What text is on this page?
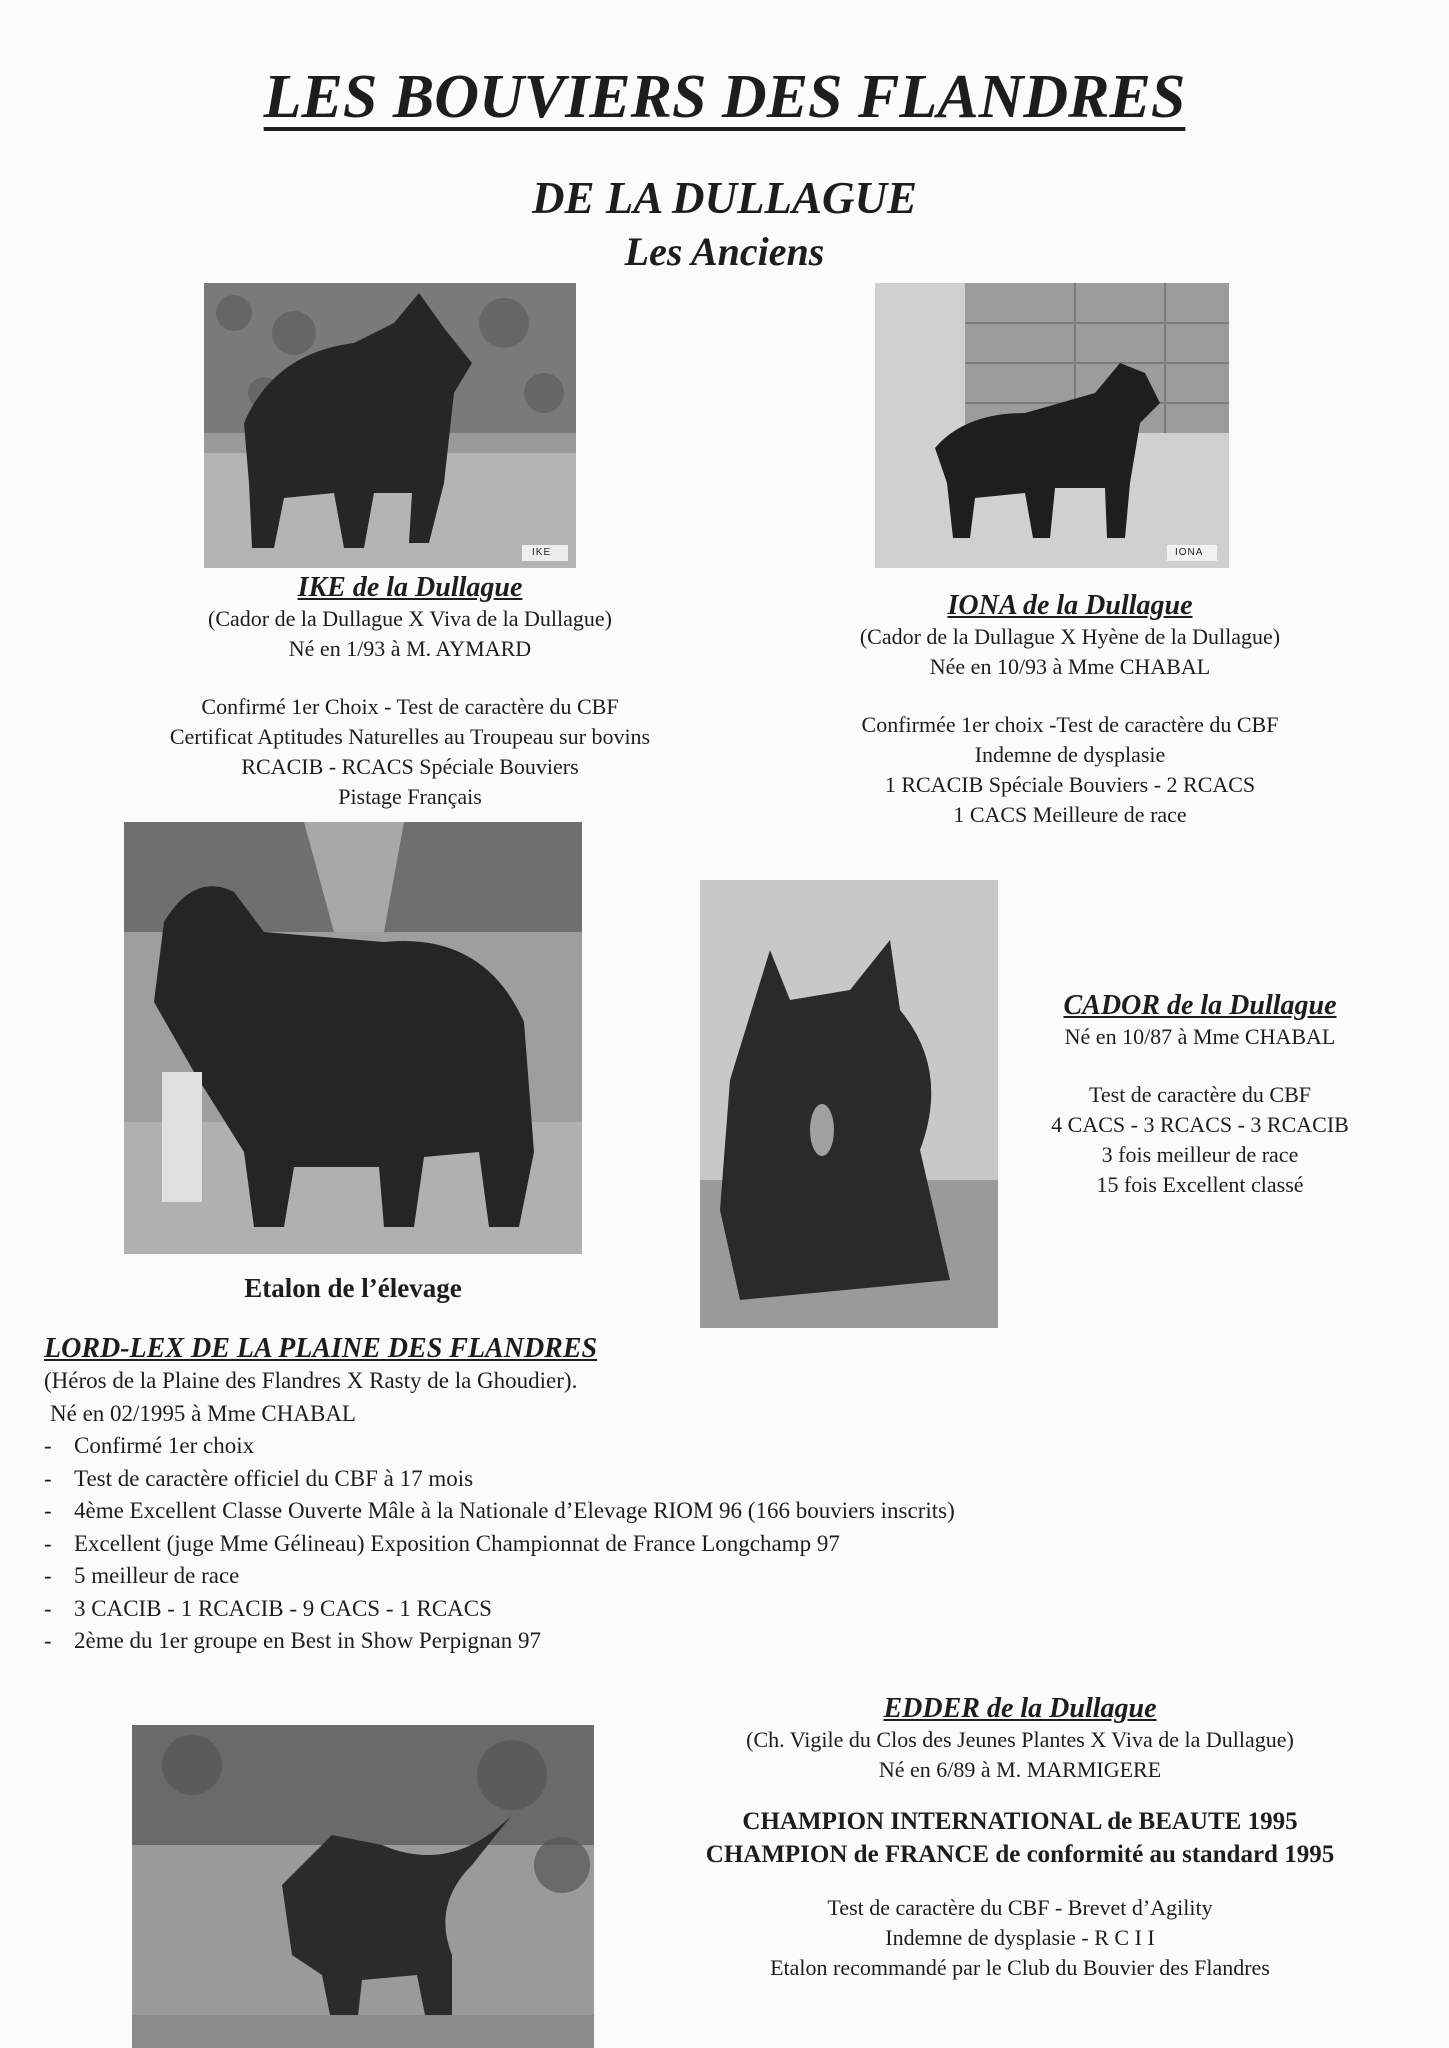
LES BOUVIERS DES FLANDRES
DE LA DULLAGUE
Les Anciens
IKE	IONA
IKE de la Dullague
(Cador de la Dullague X Viva de la Dullague)
Né en 1/93 à M. AYMARD
Confirmé 1er Choix - Test de caractère du CBF
Certificat Aptitudes Naturelles au Troupeau sur bovins
RCACIB - RCACS Spéciale Bouviers
Pistage Français
IONA de la Dullague
(Cador de la Dullague X Hyène de la Dullague)
Née en 10/93 à Mme CHABAL
Confirmée 1er choix -Test de caractère du CBF
Indemne de dysplasie
1 RCACIB Spéciale Bouviers - 2 RCACS
1 CACS Meilleure de race
Etalon de l’élevage
CADOR de la Dullague
Né en 10/87 à Mme CHABAL
Test de caractère du CBF
4 CACS - 3 RCACS - 3 RCACIB
3 fois meilleur de race
15 fois Excellent classé
LORD-LEX DE LA PLAINE DES FLANDRES
(Héros de la Plaine des Flandres X Rasty de la Ghoudier).
Né en 02/1995 à Mme CHABAL
- Confirmé 1er choix
- Test de caractère officiel du CBF à 17 mois
- 4ème Excellent Classe Ouverte Mâle à la Nationale d’Elevage RIOM 96 (166 bouviers inscrits)
- Excellent (juge Mme Gélineau) Exposition Championnat de France Longchamp 97
- 5 meilleur de race
- 3 CACIB - 1 RCACIB - 9 CACS - 1 RCACS
- 2ème du 1er groupe en Best in Show Perpignan 97
EDDER de la Dullague
(Ch. Vigile du Clos des Jeunes Plantes X Viva de la Dullague)
Né en 6/89 à M. MARMIGERE
CHAMPION INTERNATIONAL de BEAUTE 1995
CHAMPION de FRANCE de conformité au standard 1995
Test de caractère du CBF - Brevet d’Agility
Indemne de dysplasie - R C I I
Etalon recommandé par le Club du Bouvier des Flandres
